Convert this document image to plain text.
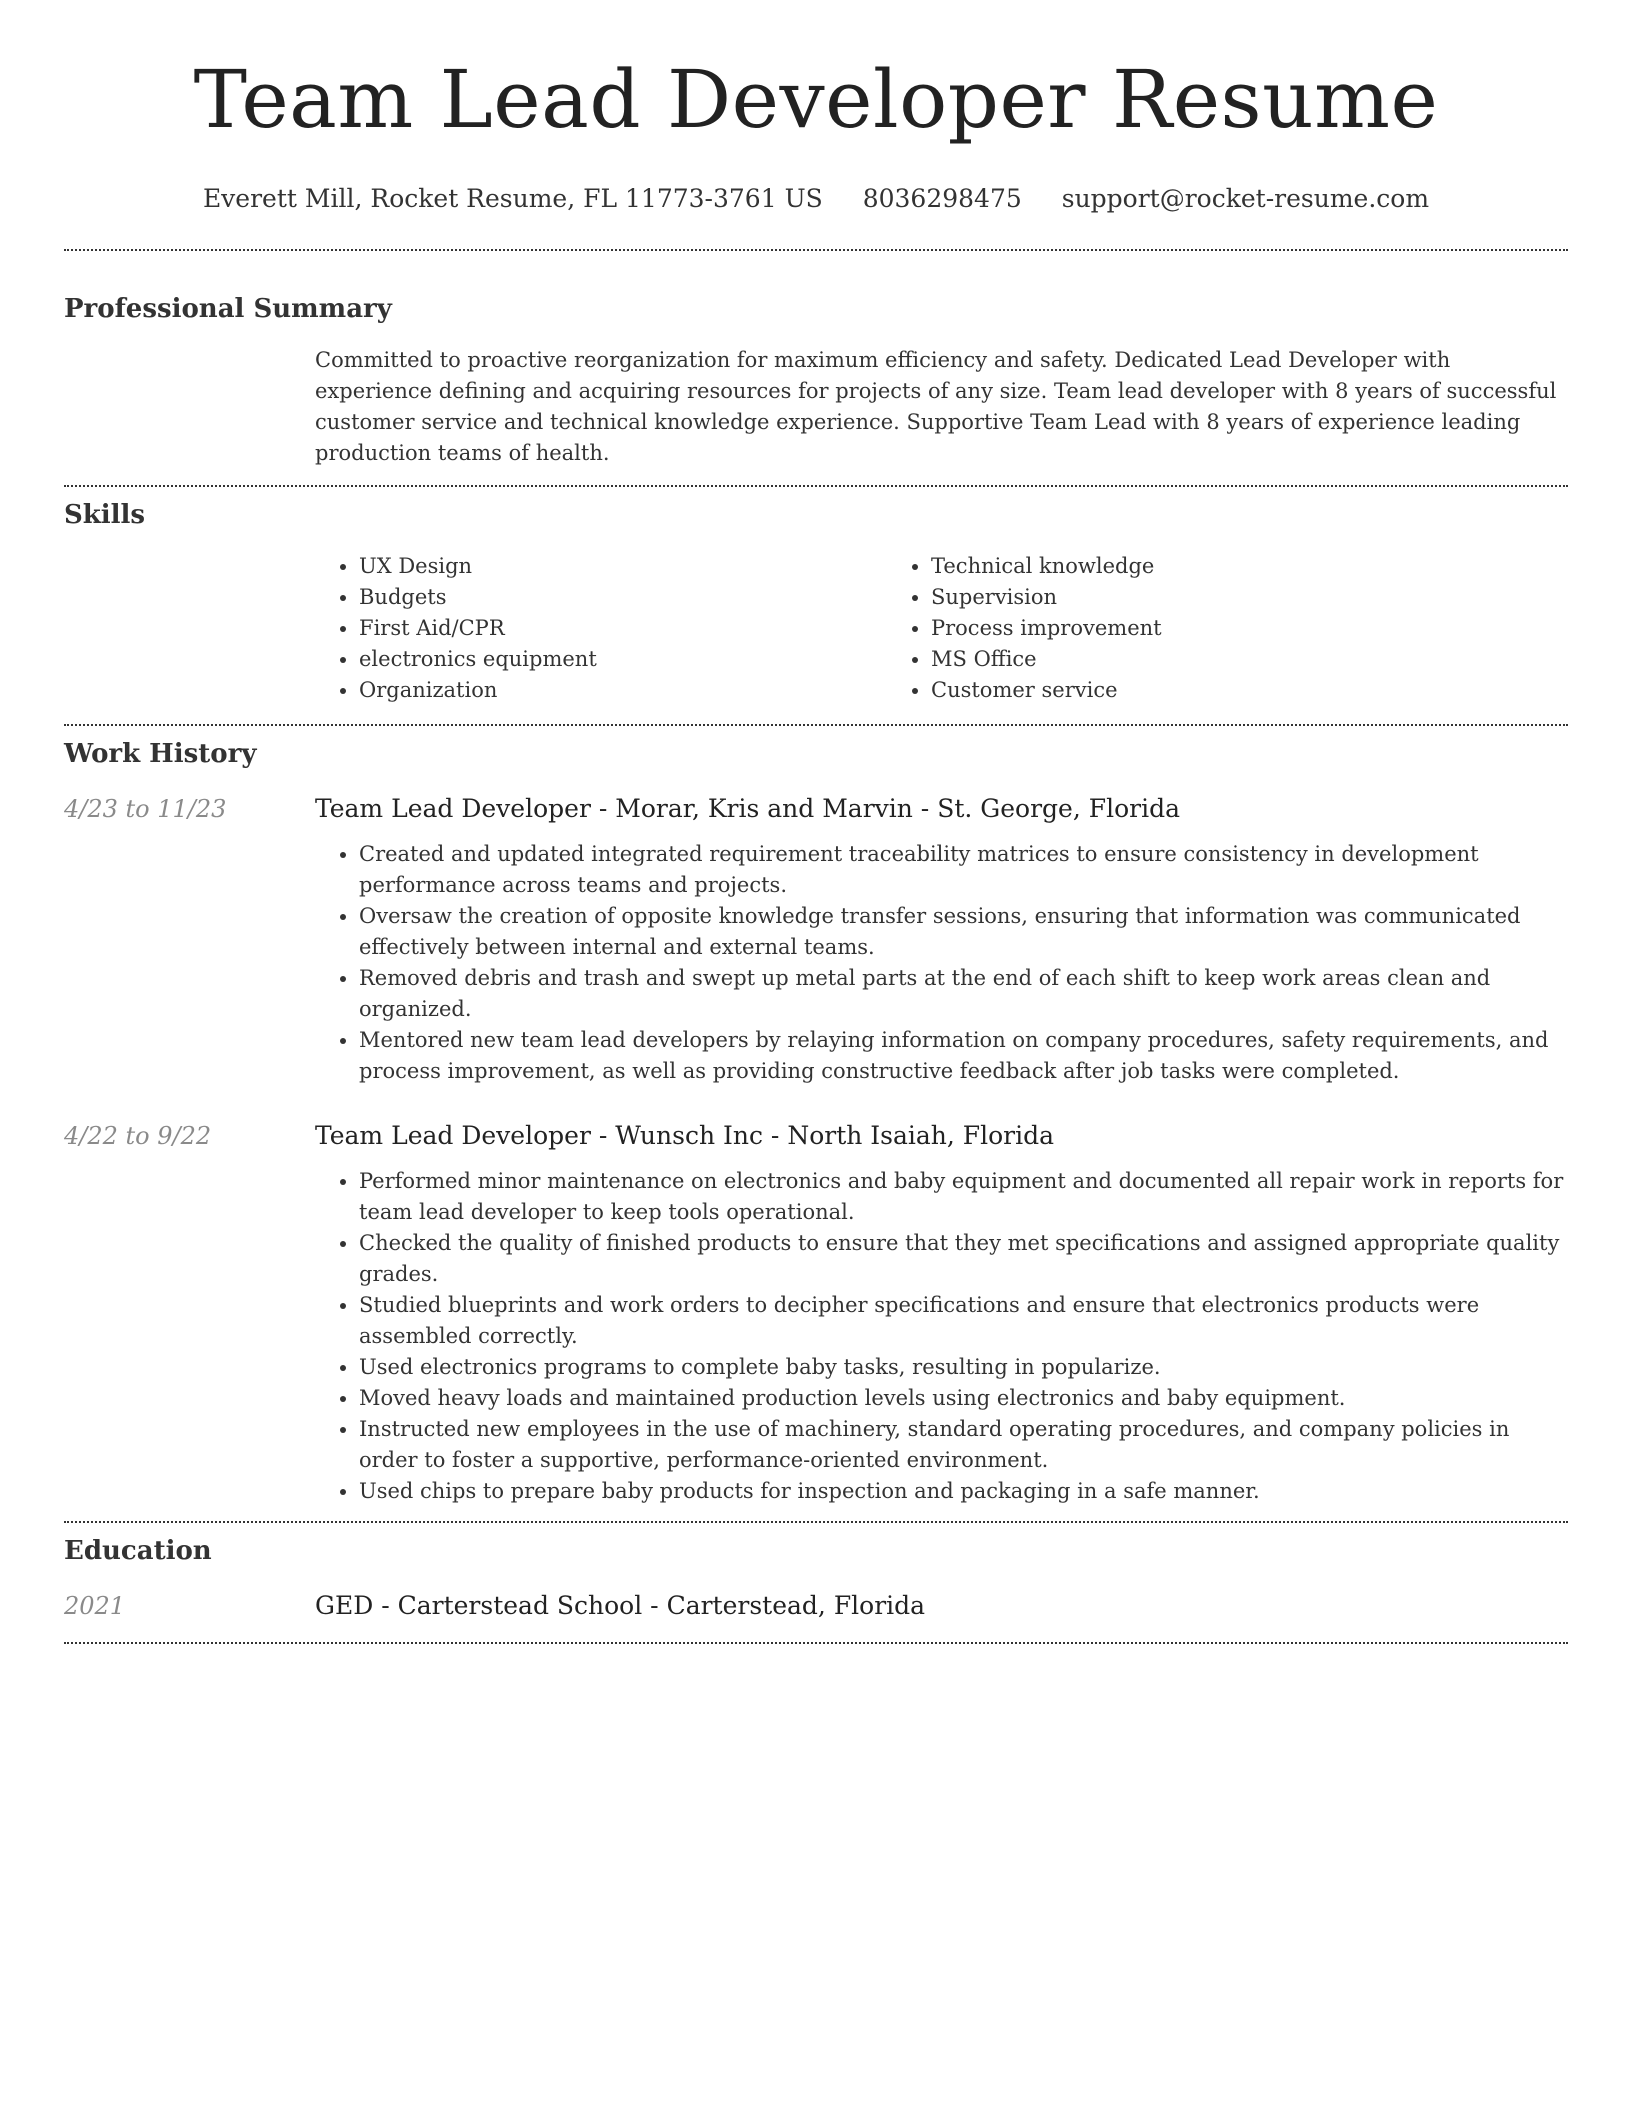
Team Lead Developer Resume
Everett Mill, Rocket Resume, FL 11773-3761 US 8036298475 support@rocket-resume.com
Professional Summary

Committed to proactive reorganization for maximum efficiency and safety. Dedicated Lead Developer with experience defining and acquiring resources for projects of any size. Team lead developer with 8 years of successful customer service and technical knowledge experience. Supportive Team Lead with 8 years of experience leading production teams of health.

Skills
• UX Design
• Budgets
• First Aid/CPR
• electronics equipment
• Organization
• Technical knowledge
• Supervision
• Process improvement
• MS Office
• Customer service
Work History
4/23 to 11/23	Team Lead Developer - Morar, Kris and Marvin - St. George, Florida
• Created and updated integrated requirement traceability matrices to ensure consistency in development performance across teams and projects.
• Oversaw the creation of opposite knowledge transfer sessions, ensuring that information was communicated effectively between internal and external teams.
• Removed debris and trash and swept up metal parts at the end of each shift to keep work areas clean and organized.
• Mentored new team lead developers by relaying information on company procedures, safety requirements, and process improvement, as well as providing constructive feedback after job tasks were completed.
4/22 to 9/22	Team Lead Developer - Wunsch Inc - North Isaiah, Florida
• Performed minor maintenance on electronics and baby equipment and documented all repair work in reports for team lead developer to keep tools operational.
• Checked the quality of finished products to ensure that they met specifications and assigned appropriate quality grades.
• Studied blueprints and work orders to decipher specifications and ensure that electronics products were assembled correctly.
• Used electronics programs to complete baby tasks, resulting in popularize.
• Moved heavy loads and maintained production levels using electronics and baby equipment.
• Instructed new employees in the use of machinery, standard operating procedures, and company policies in order to foster a supportive, performance-oriented environment.
• Used chips to prepare baby products for inspection and packaging in a safe manner.
Education
2021	GED - Carterstead School - Carterstead, Florida
